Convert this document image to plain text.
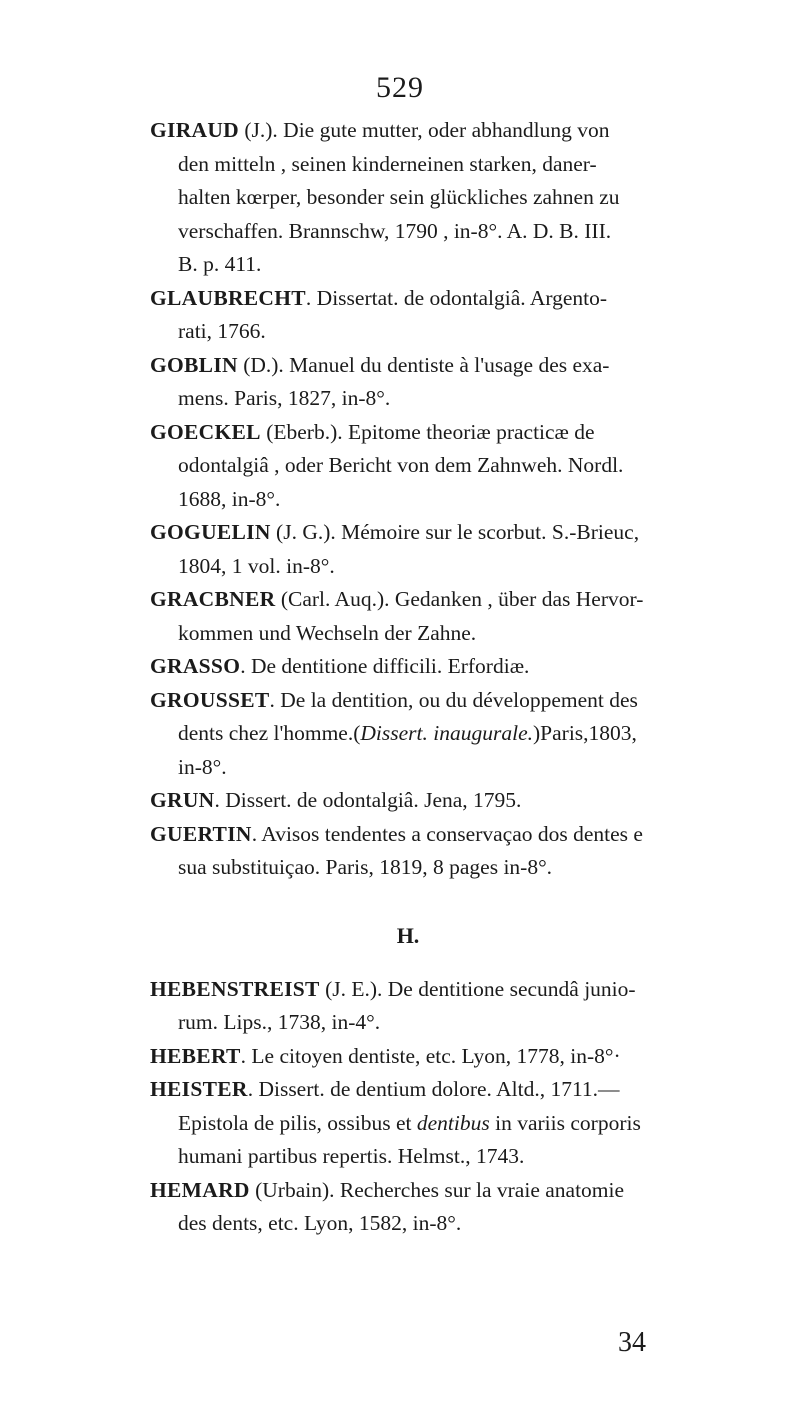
529

GIRAUD (J.). Die gute mutter, oder abhandlung von
den mitteln , seinen kinderneinen starken, daner-
halten kœrper, besonder sein glückliches zahnen zu
verschaffen. Brannschw, 1790 , in-8°. A. D. B. III.
B. p. 411.

GLAUBRECHT. Dissertat. de odontalgiâ. Argento-
rati, 1766.

GOBLIN (D.). Manuel du dentiste à l'usage des exa-
mens. Paris, 1827, in-8°.

GOECKEL (Eberb.). Epitome theoriæ practicæ de
odontalgiâ , oder Bericht von dem Zahnweh. Nordl.
1688, in-8°.

GOGUELIN (J. G.). Mémoire sur le scorbut. S.-Brieuc,
1804, 1 vol. in-8°.

GRACBNER (Carl. Auq.). Gedanken , über das Hervor-
kommen und Wechseln der Zahne.

GRASSO. De dentitione difficili. Erfordiæ.

GROUSSET. De la dentition, ou du développement des
dents chez l'homme.(Dissert. inaugurale.)Paris,1803,
in-8°.

GRUN. Dissert. de odontalgiâ. Jena, 1795.

GUERTIN. Avisos tendentes a conservaçao dos dentes e
sua substituiçao. Paris, 1819, 8 pages in-8°.

H.

HEBENSTREIST (J. E.). De dentitione secundâ junio-
rum. Lips., 1738, in-4°.

HEBERT. Le citoyen dentiste, etc. Lyon, 1778, in-8°·

HEISTER. Dissert. de dentium dolore. Altd., 1711.—
Epistola de pilis, ossibus et dentibus in variis corporis
humani partibus repertis. Helmst., 1743.

HEMARD (Urbain). Recherches sur la vraie anatomie
des dents, etc. Lyon, 1582, in-8°.

34
